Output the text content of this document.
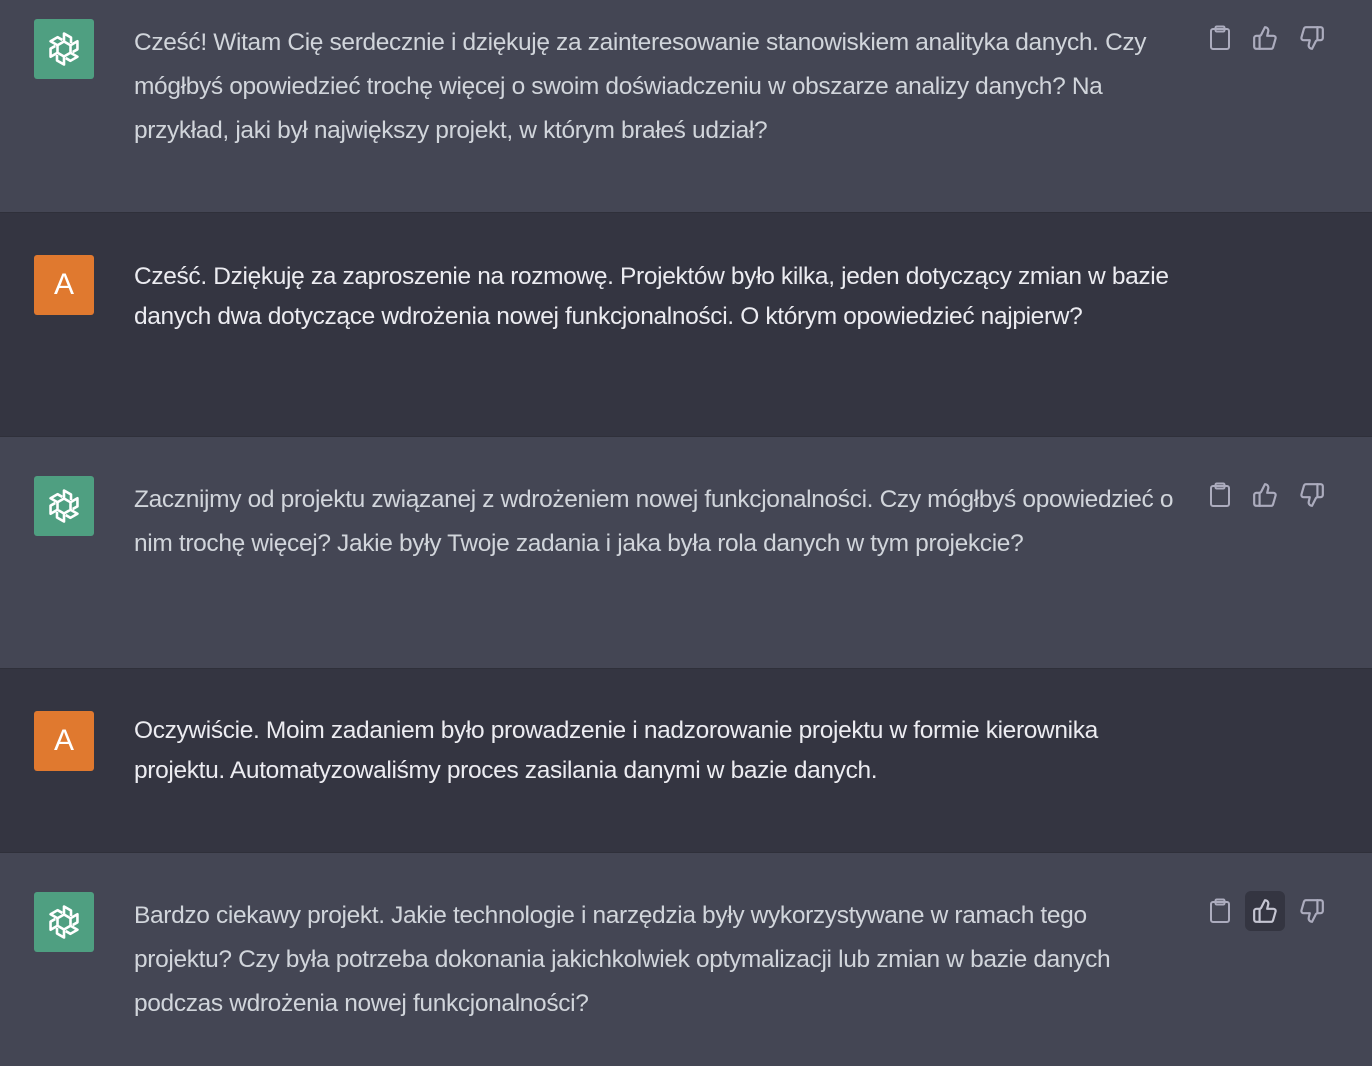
Cześć! Witam Cię serdecznie i dziękuję za zainteresowanie stanowiskiem analityka danych. Czy mógłbyś opowiedzieć trochę więcej o swoim doświadczeniu w obszarze analizy danych? Na przykład, jaki był największy projekt, w którym brałeś udział?

A Cześć. Dziękuję za zaproszenie na rozmowę. Projektów było kilka, jeden dotyczący zmian w bazie danych dwa dotyczące wdrożenia nowej funkcjonalności. O którym opowiedzieć najpierw?

Zacznijmy od projektu związanej z wdrożeniem nowej funkcjonalności. Czy mógłbyś opowiedzieć o nim trochę więcej? Jakie były Twoje zadania i jaka była rola danych w tym projekcie?

A Oczywiście. Moim zadaniem było prowadzenie i nadzorowanie projektu w formie kierownika projektu. Automatyzowaliśmy proces zasilania danymi w bazie danych.

Bardzo ciekawy projekt. Jakie technologie i narzędzia były wykorzystywane w ramach tego projektu? Czy była potrzeba dokonania jakichkolwiek optymalizacji lub zmian w bazie danych podczas wdrożenia nowej funkcjonalności?
